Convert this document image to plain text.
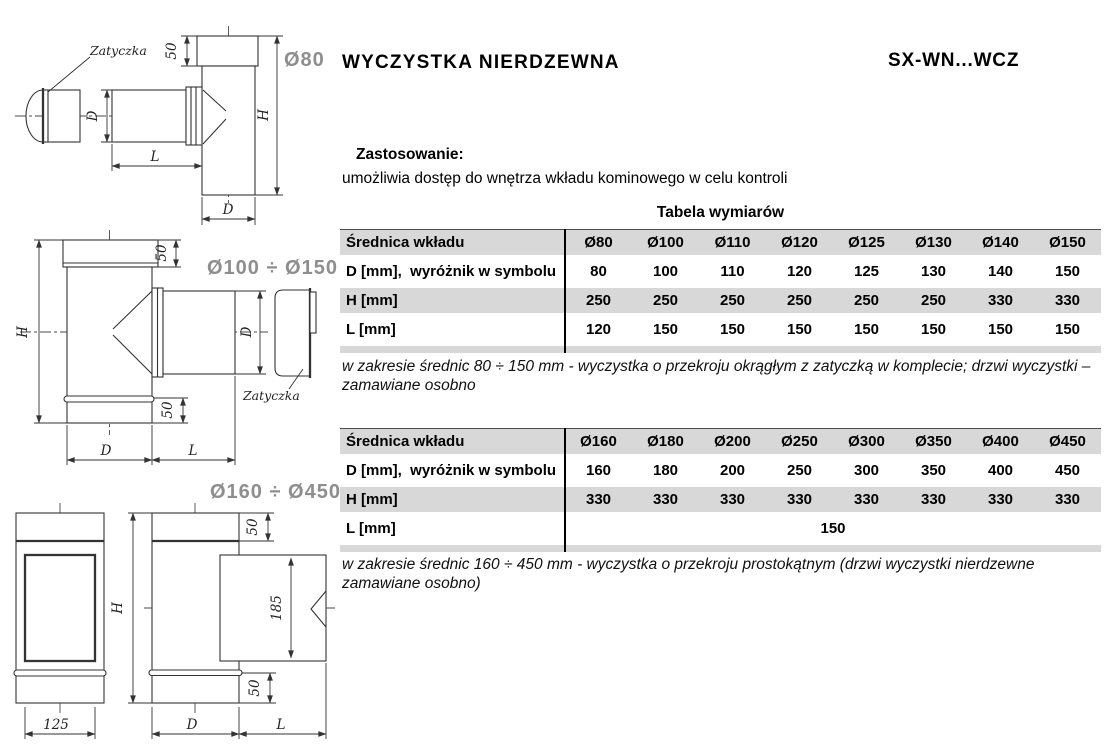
WYCZYSTKA NIERDZEWNA	SX-WN...WCZ
Zastosowanie:
umożliwia dostęp do wnętrza wkładu kominowego w celu kontroli
Tabela wymiarów
Średnica wkładu	Ø80	Ø100	Ø110	Ø120	Ø125	Ø130	Ø140	Ø150
D [mm],  wyróżnik w symbolu	80	100	110	120	125	130	140	150
H [mm]	250	250	250	250	250	250	330	330
L [mm]	120	150	150	150	150	150	150	150
w zakresie średnic 80 ÷ 150 mm - wyczystka o przekroju okrągłym z zatyczką w komplecie; drzwi wyczystki – zamawiane osobno
Średnica wkładu	Ø160	Ø180	Ø200	Ø250	Ø300	Ø350	Ø400	Ø450
D [mm],  wyróżnik w symbolu	160	180	200	250	300	350	400	450
H [mm]	330	330	330	330	330	330	330	330
L [mm]	150
w zakresie średnic 160 ÷ 450 mm - wyczystka o przekroju prostokątnym (drzwi wyczystki nierdzewne zamawiane osobno)
Zatyczka 50
D
L
H
D
Ø80
Zatyczka
H
50
D
50
D	L
Ø100 ÷ Ø150
125
H
50
185
50
D	L
Ø160 ÷ Ø450
